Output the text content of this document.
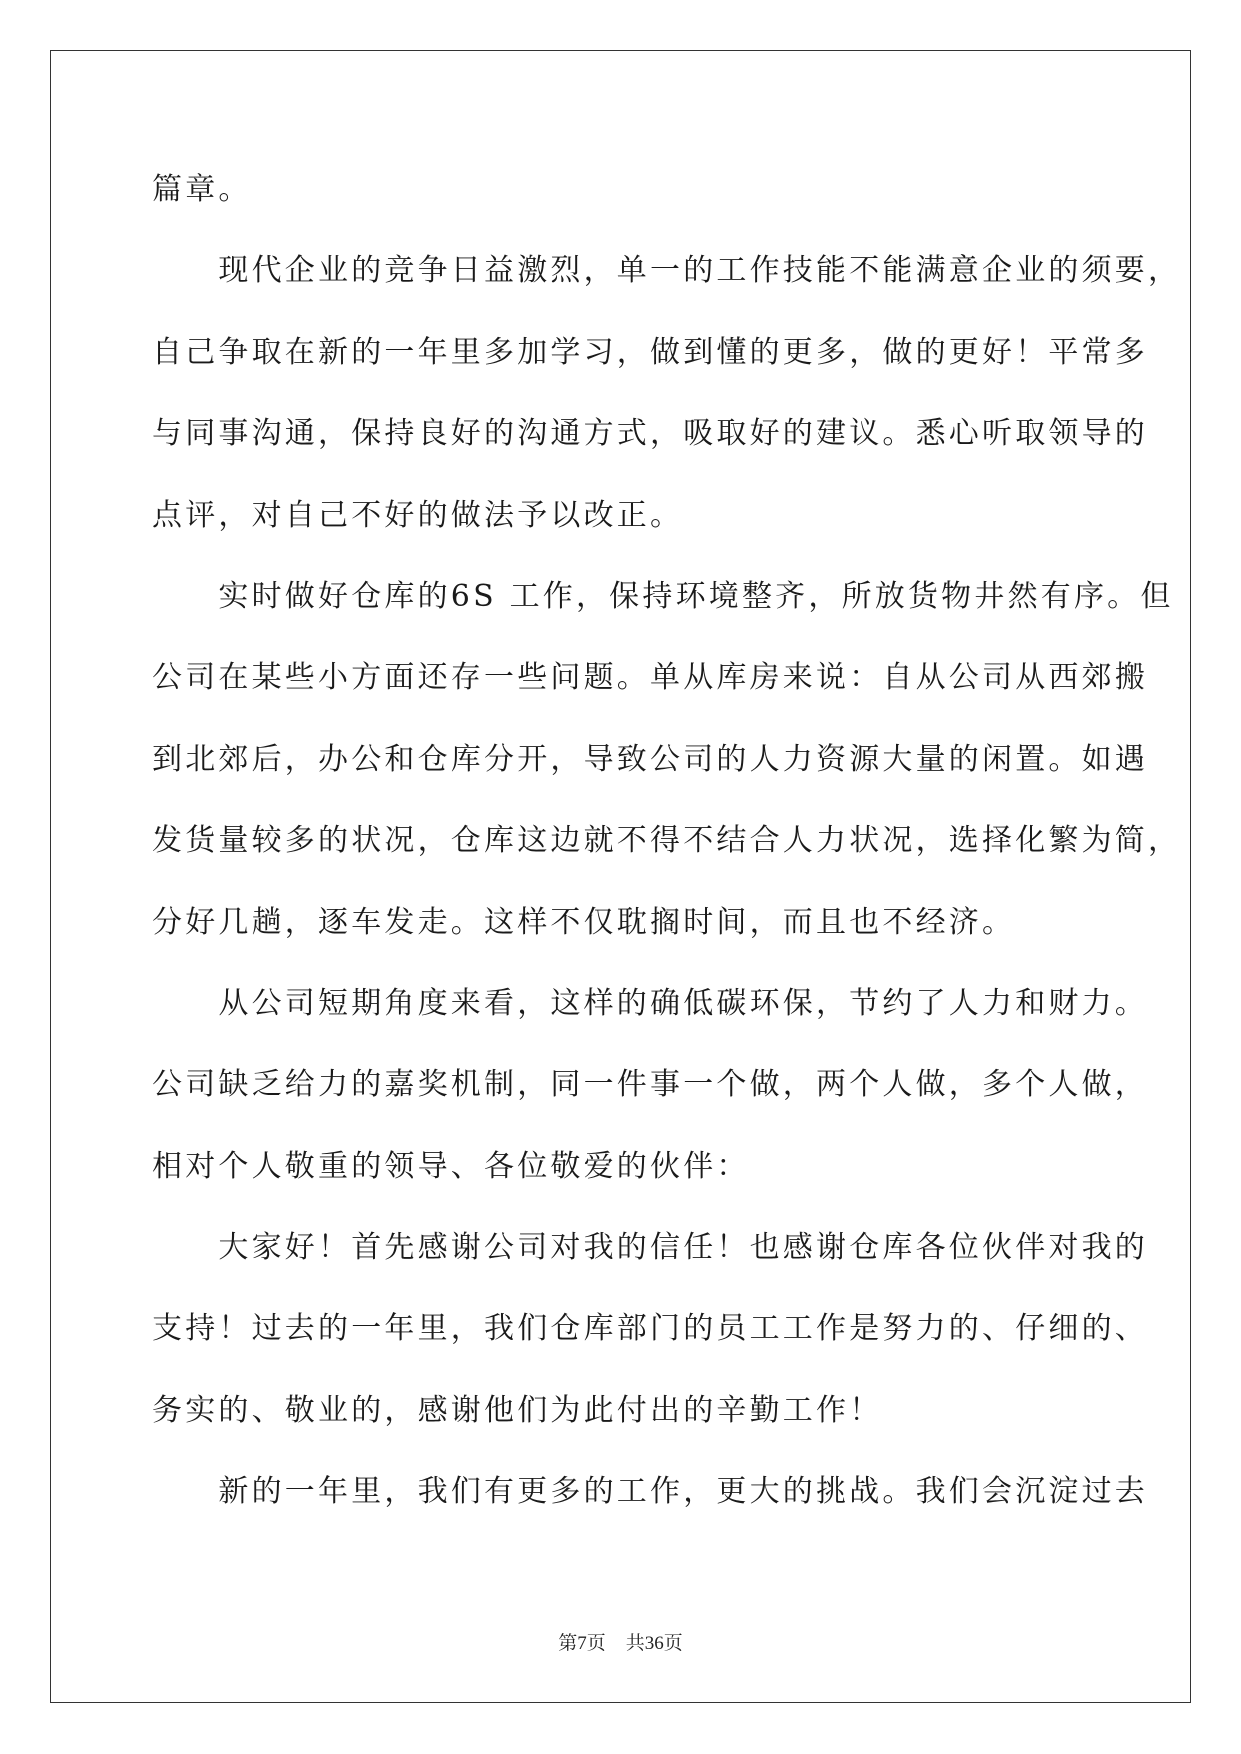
篇章。
　　现代企业的竞争日益激烈，单一的工作技能不能满意企业的须要，
自己争取在新的一年里多加学习，做到懂的更多，做的更好！平常多
与同事沟通，保持良好的沟通方式，吸取好的建议。悉心听取领导的
点评，对自己不好的做法予以改正。
　　实时做好仓库的6S 工作，保持环境整齐，所放货物井然有序。但
公司在某些小方面还存一些问题。单从库房来说：自从公司从西郊搬
到北郊后，办公和仓库分开，导致公司的人力资源大量的闲置。如遇
发货量较多的状况，仓库这边就不得不结合人力状况，选择化繁为简，
分好几趟，逐车发走。这样不仅耽搁时间，而且也不经济。
　　从公司短期角度来看，这样的确低碳环保，节约了人力和财力。
公司缺乏给力的嘉奖机制，同一件事一个做，两个人做，多个人做，
相对个人敬重的领导、各位敬爱的伙伴：
　　大家好！首先感谢公司对我的信任！也感谢仓库各位伙伴对我的
支持！过去的一年里，我们仓库部门的员工工作是努力的、仔细的、
务实的、敬业的，感谢他们为此付出的辛勤工作！
　　新的一年里，我们有更多的工作，更大的挑战。我们会沉淀过去
第7页 共36页
